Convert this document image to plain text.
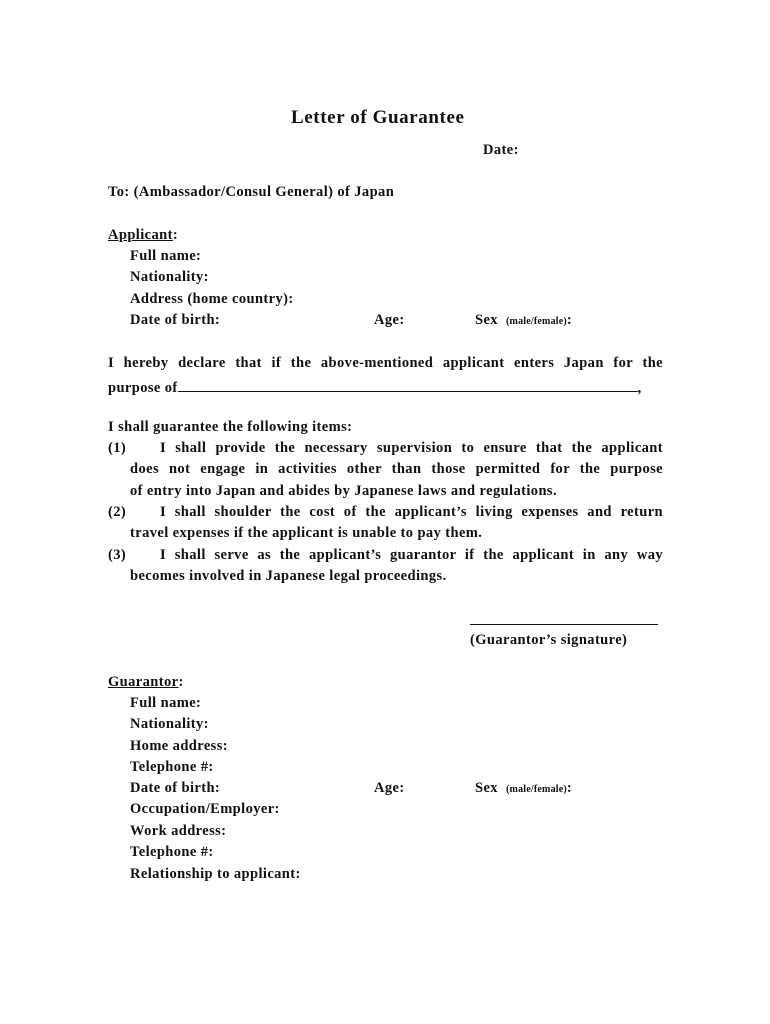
Letter of Guarantee
Date:
To: (Ambassador/Consul General) of Japan
Applicant:
Full name:
Nationality:
Address (home country):
Date of birth:	Age:	Sex (male/female):
I hereby declare that if the above-mentioned applicant enters Japan for the
purpose of	,
I shall guarantee the following items:
(1) I shall provide the necessary supervision to ensure that the applicant
does not engage in activities other than those permitted for the purpose
of entry into Japan and abides by Japanese laws and regulations.
(2) I shall shoulder the cost of the applicant’s living expenses and return
travel expenses if the applicant is unable to pay them.
(3) I shall serve as the applicant’s guarantor if the applicant in any way
becomes involved in Japanese legal proceedings.
(Guarantor’s signature)
Guarantor:
Full name:
Nationality:
Home address:
Telephone #:
Date of birth:	Age:	Sex (male/female):
Occupation/Employer:
Work address:
Telephone #:
Relationship to applicant:
